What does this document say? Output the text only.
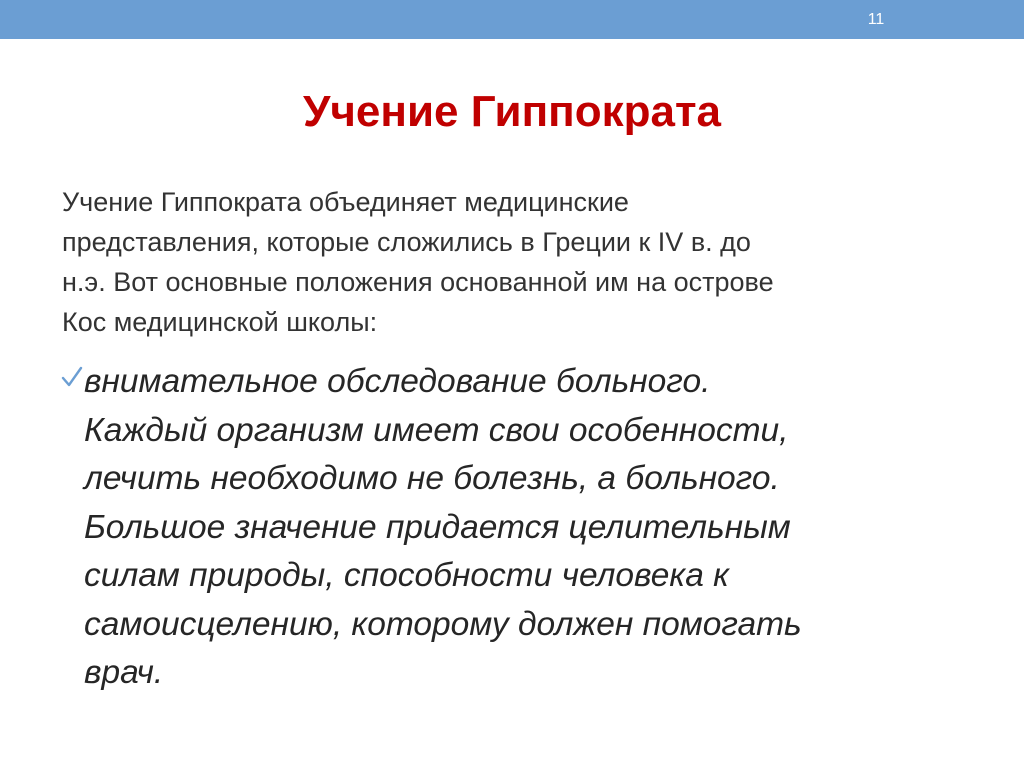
11
Учение Гиппократа

Учение Гиппократа объединяет медицинские
представления, которые сложились в Греции к IV в. до
н.э. Вот основные положения основанной им на острове
Кос медицинской школы:

внимательное обследование больного.
Каждый организм имеет свои особенности,
лечить необходимо не болезнь, а больного.
Большое значение придается целительным
силам природы, способности человека к
самоисцелению, которому должен помогать
врач.
